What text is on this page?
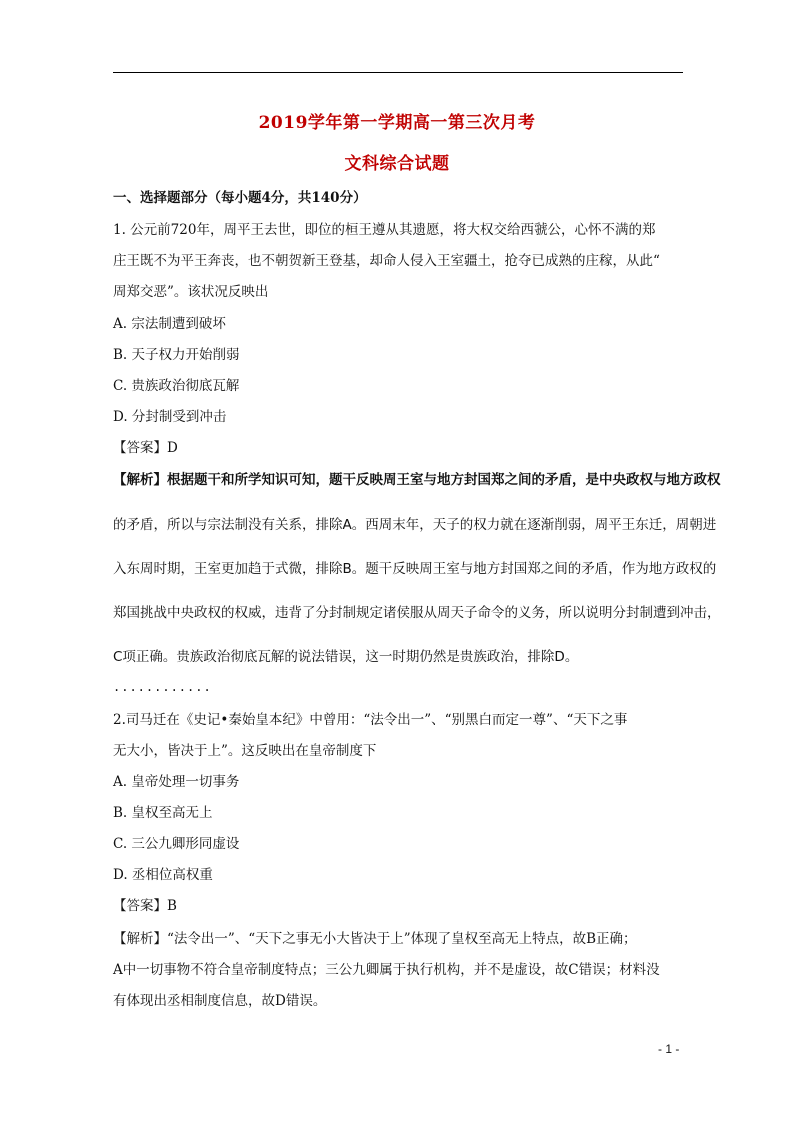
2019学年第一学期高一第三次月考
文科综合试题
一、选择题部分（每小题4分，共140分）
1. 公元前720年，周平王去世，即位的桓王遵从其遗愿，将大权交给西虢公，心怀不满的郑
庄王既不为平王奔丧，也不朝贺新王登基，却命人侵入王室疆土，抢夺已成熟的庄稼，从此“
周郑交恶”。该状况反映出
A. 宗法制遭到破坏
B. 天子权力开始削弱
C. 贵族政治彻底瓦解
D. 分封制受到冲击
【答案】D
【解析】根据题干和所学知识可知，题干反映周王室与地方封国郑之间的矛盾，是中央政权与地方政权
的矛盾，所以与宗法制没有关系，排除A。西周末年，天子的权力就在逐渐削弱，周平王东迁，周朝进
入东周时期，王室更加趋于式微，排除B。题干反映周王室与地方封国郑之间的矛盾，作为地方政权的
郑国挑战中央政权的权威，违背了分封制规定诸侯服从周天子命令的义务，所以说明分封制遭到冲击，
C项正确。贵族政治彻底瓦解的说法错误，这一时期仍然是贵族政治，排除D。
............
2.司马迁在《史记•秦始皇本纪》中曾用：“法令出一”、“别黑白而定一尊”、“天下之事
无大小，皆决于上”。这反映出在皇帝制度下
A. 皇帝处理一切事务
B. 皇权至高无上
C. 三公九卿形同虚设
D. 丞相位高权重
【答案】B
【解析】“法令出一”、“天下之事无小大皆决于上”体现了皇权至高无上特点，故B正确；
A中一切事物不符合皇帝制度特点；三公九卿属于执行机构，并不是虚设，故C错误；材料没
有体现出丞相制度信息，故D错误。
- 1 -
